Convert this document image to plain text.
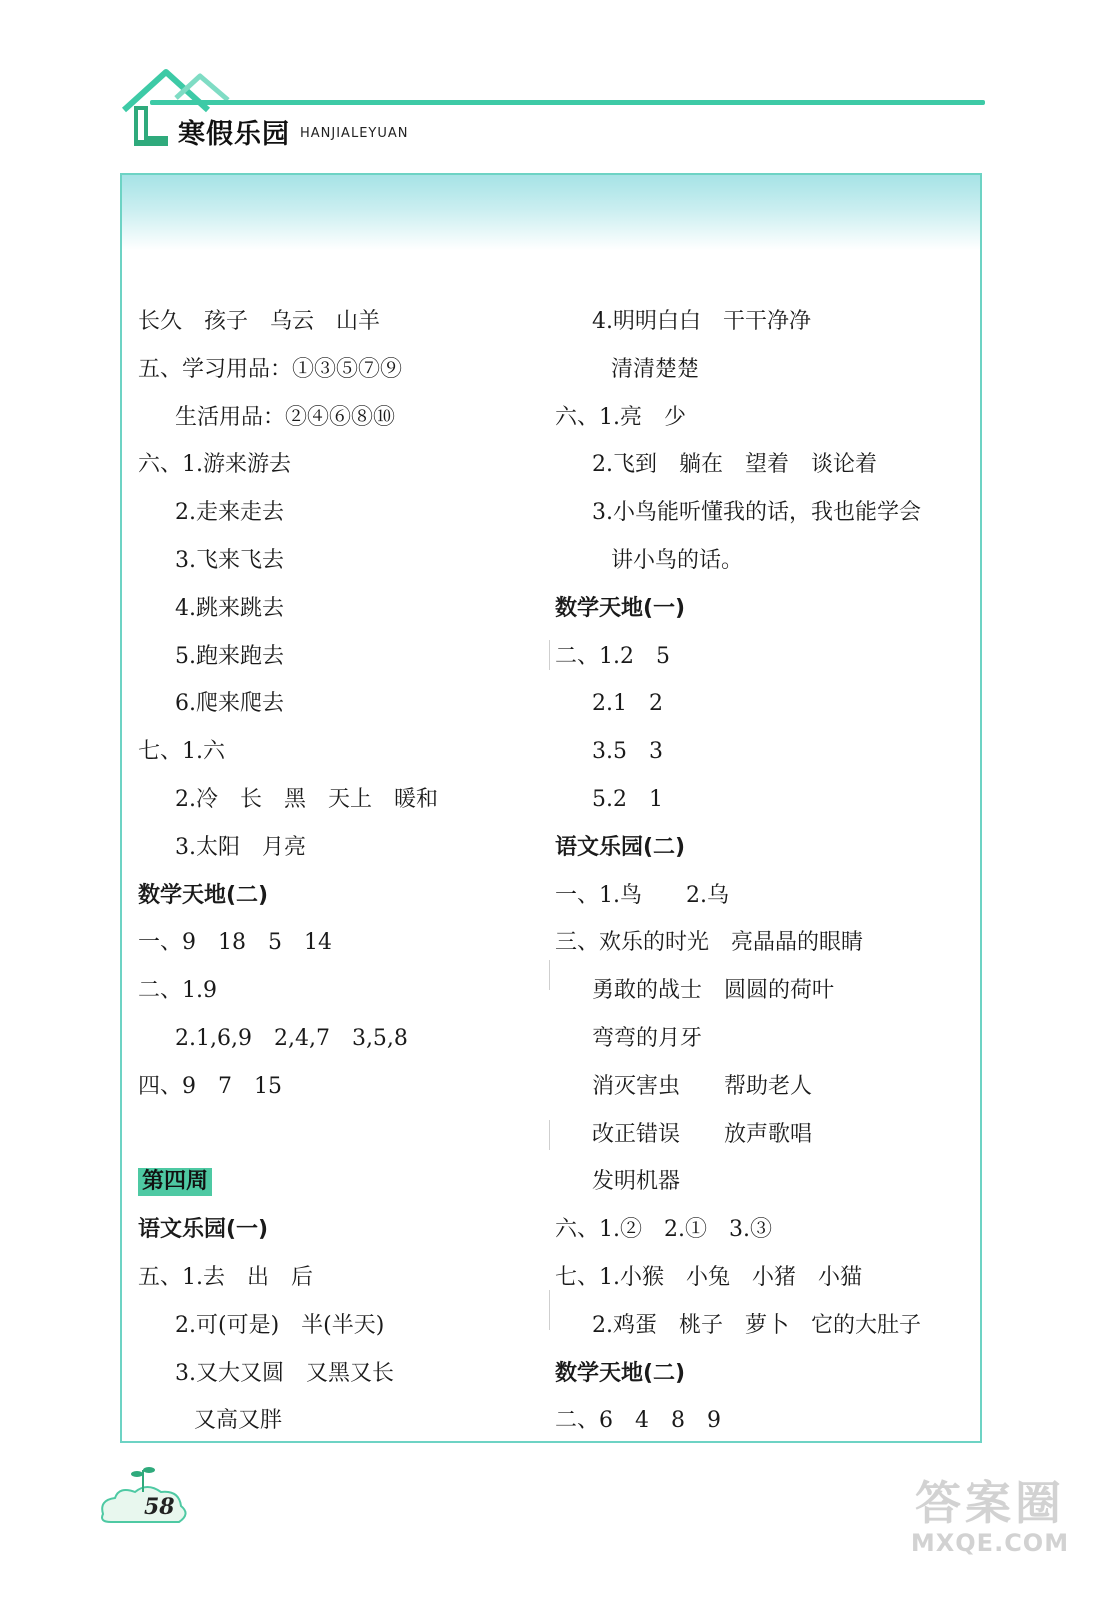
寒假乐园 HANJIALEYUAN
长久　孩子　乌云　山羊
五、学习用品：①③⑤⑦⑨
生活用品：②④⑥⑧⑩
六、1.游来游去
2.走来走去
3.飞来飞去
4.跳来跳去
5.跑来跑去
6.爬来爬去
七、1.六
2.冷　长　黑　天上　暖和
3.太阳　月亮
数学天地(二)
一、9　18　5　14
二、1.9
2.1,6,9　2,4,7　3,5,8
四、9　7　15
第四周
语文乐园(一)
五、1.去　出　后
2.可(可是)　半(半天)
3.又大又圆　又黑又长
又高又胖
4.明明白白　干干净净
清清楚楚
六、1.亮　少
2.飞到　躺在　望着　谈论着
3.小鸟能听懂我的话，我也能学会
讲小鸟的话。
数学天地(一)
二、1.2　5
2.1　2
3.5　3
5.2　1
语文乐园(二)
一、1.鸟　　2.乌
三、欢乐的时光　亮晶晶的眼睛
勇敢的战士　圆圆的荷叶
弯弯的月牙
消灭害虫　　帮助老人
改正错误　　放声歌唱
发明机器
六、1.②　2.①　3.③
七、1.小猴　小兔　小猪　小猫
2.鸡蛋　桃子　萝卜　它的大肚子
数学天地(二)
二、6　4　8　9
58	答案圈
MXQE.COM
